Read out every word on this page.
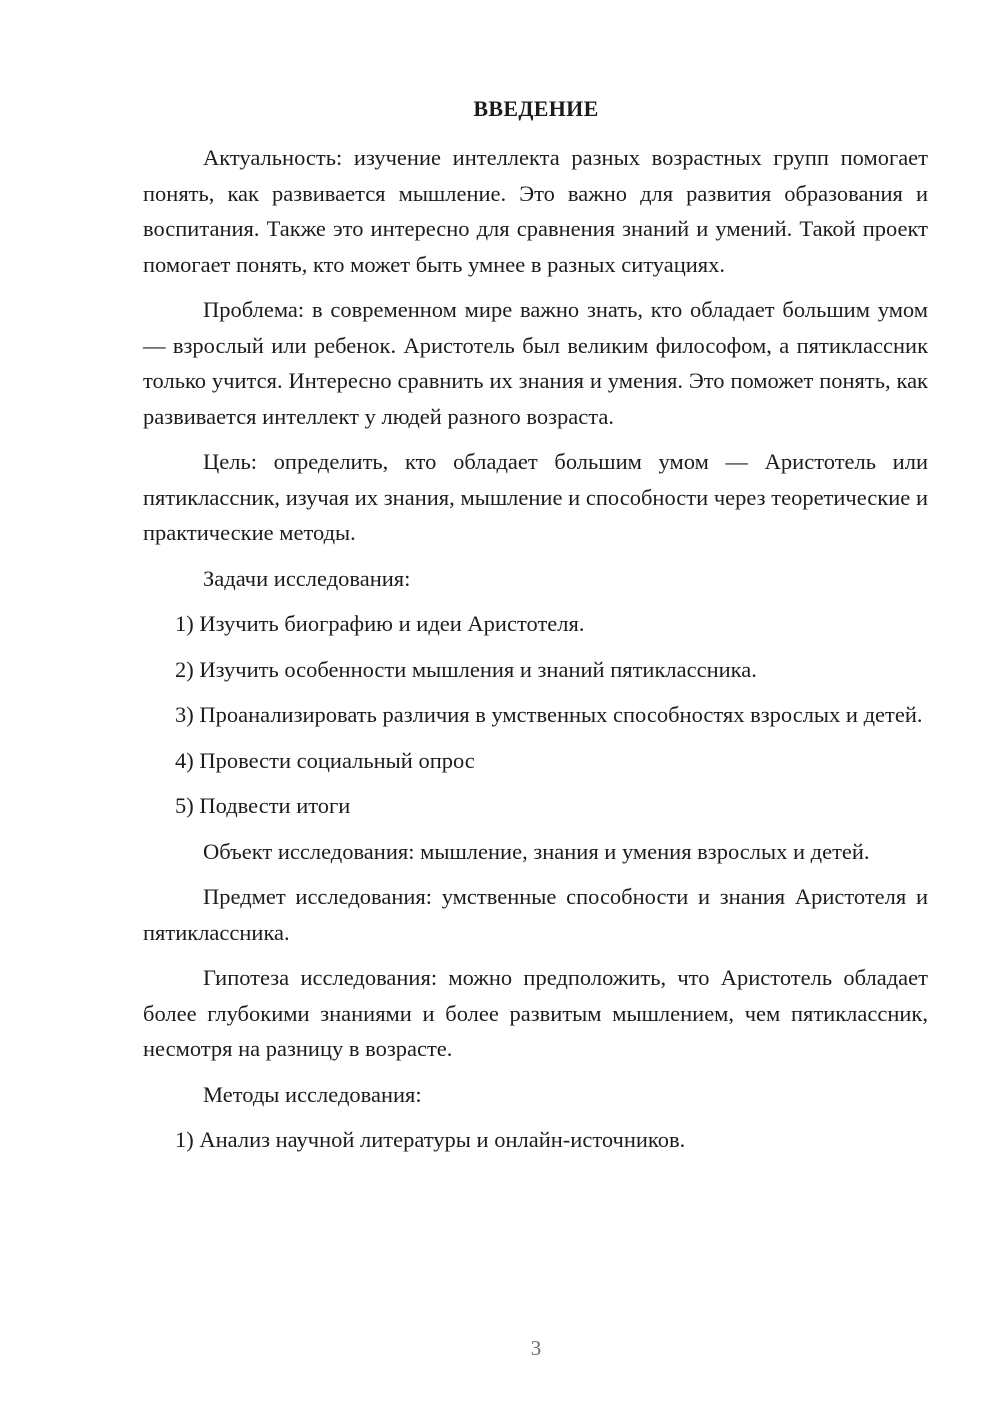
ВВЕДЕНИЕ

Актуальность: изучение интеллекта разных возрастных групп помогает понять, как развивается мышление. Это важно для развития образования и воспитания. Также это интересно для сравнения знаний и умений. Такой проект помогает понять, кто может быть умнее в разных ситуациях.

Проблема: в современном мире важно знать, кто обладает большим умом — взрослый или ребенок. Аристотель был великим философом, а пятиклассник только учится. Интересно сравнить их знания и умения. Это поможет понять, как развивается интеллект у людей разного возраста.

Цель: определить, кто обладает большим умом — Аристотель или пятиклассник, изучая их знания, мышление и способности через теоретические и практические методы.

Задачи исследования:

1) Изучить биографию и идеи Аристотеля.

2) Изучить особенности мышления и знаний пятиклассника.

3) Проанализировать различия в умственных способностях взрослых и детей.

4) Провести социальный опрос

5) Подвести итоги

Объект исследования: мышление, знания и умения взрослых и детей.

Предмет исследования: умственные способности и знания Аристотеля и пятиклассника.

Гипотеза исследования: можно предположить, что Аристотель обладает более глубокими знаниями и более развитым мышлением, чем пятиклассник, несмотря на разницу в возрасте.

Методы исследования:

1) Анализ научной литературы и онлайн-источников.

3
